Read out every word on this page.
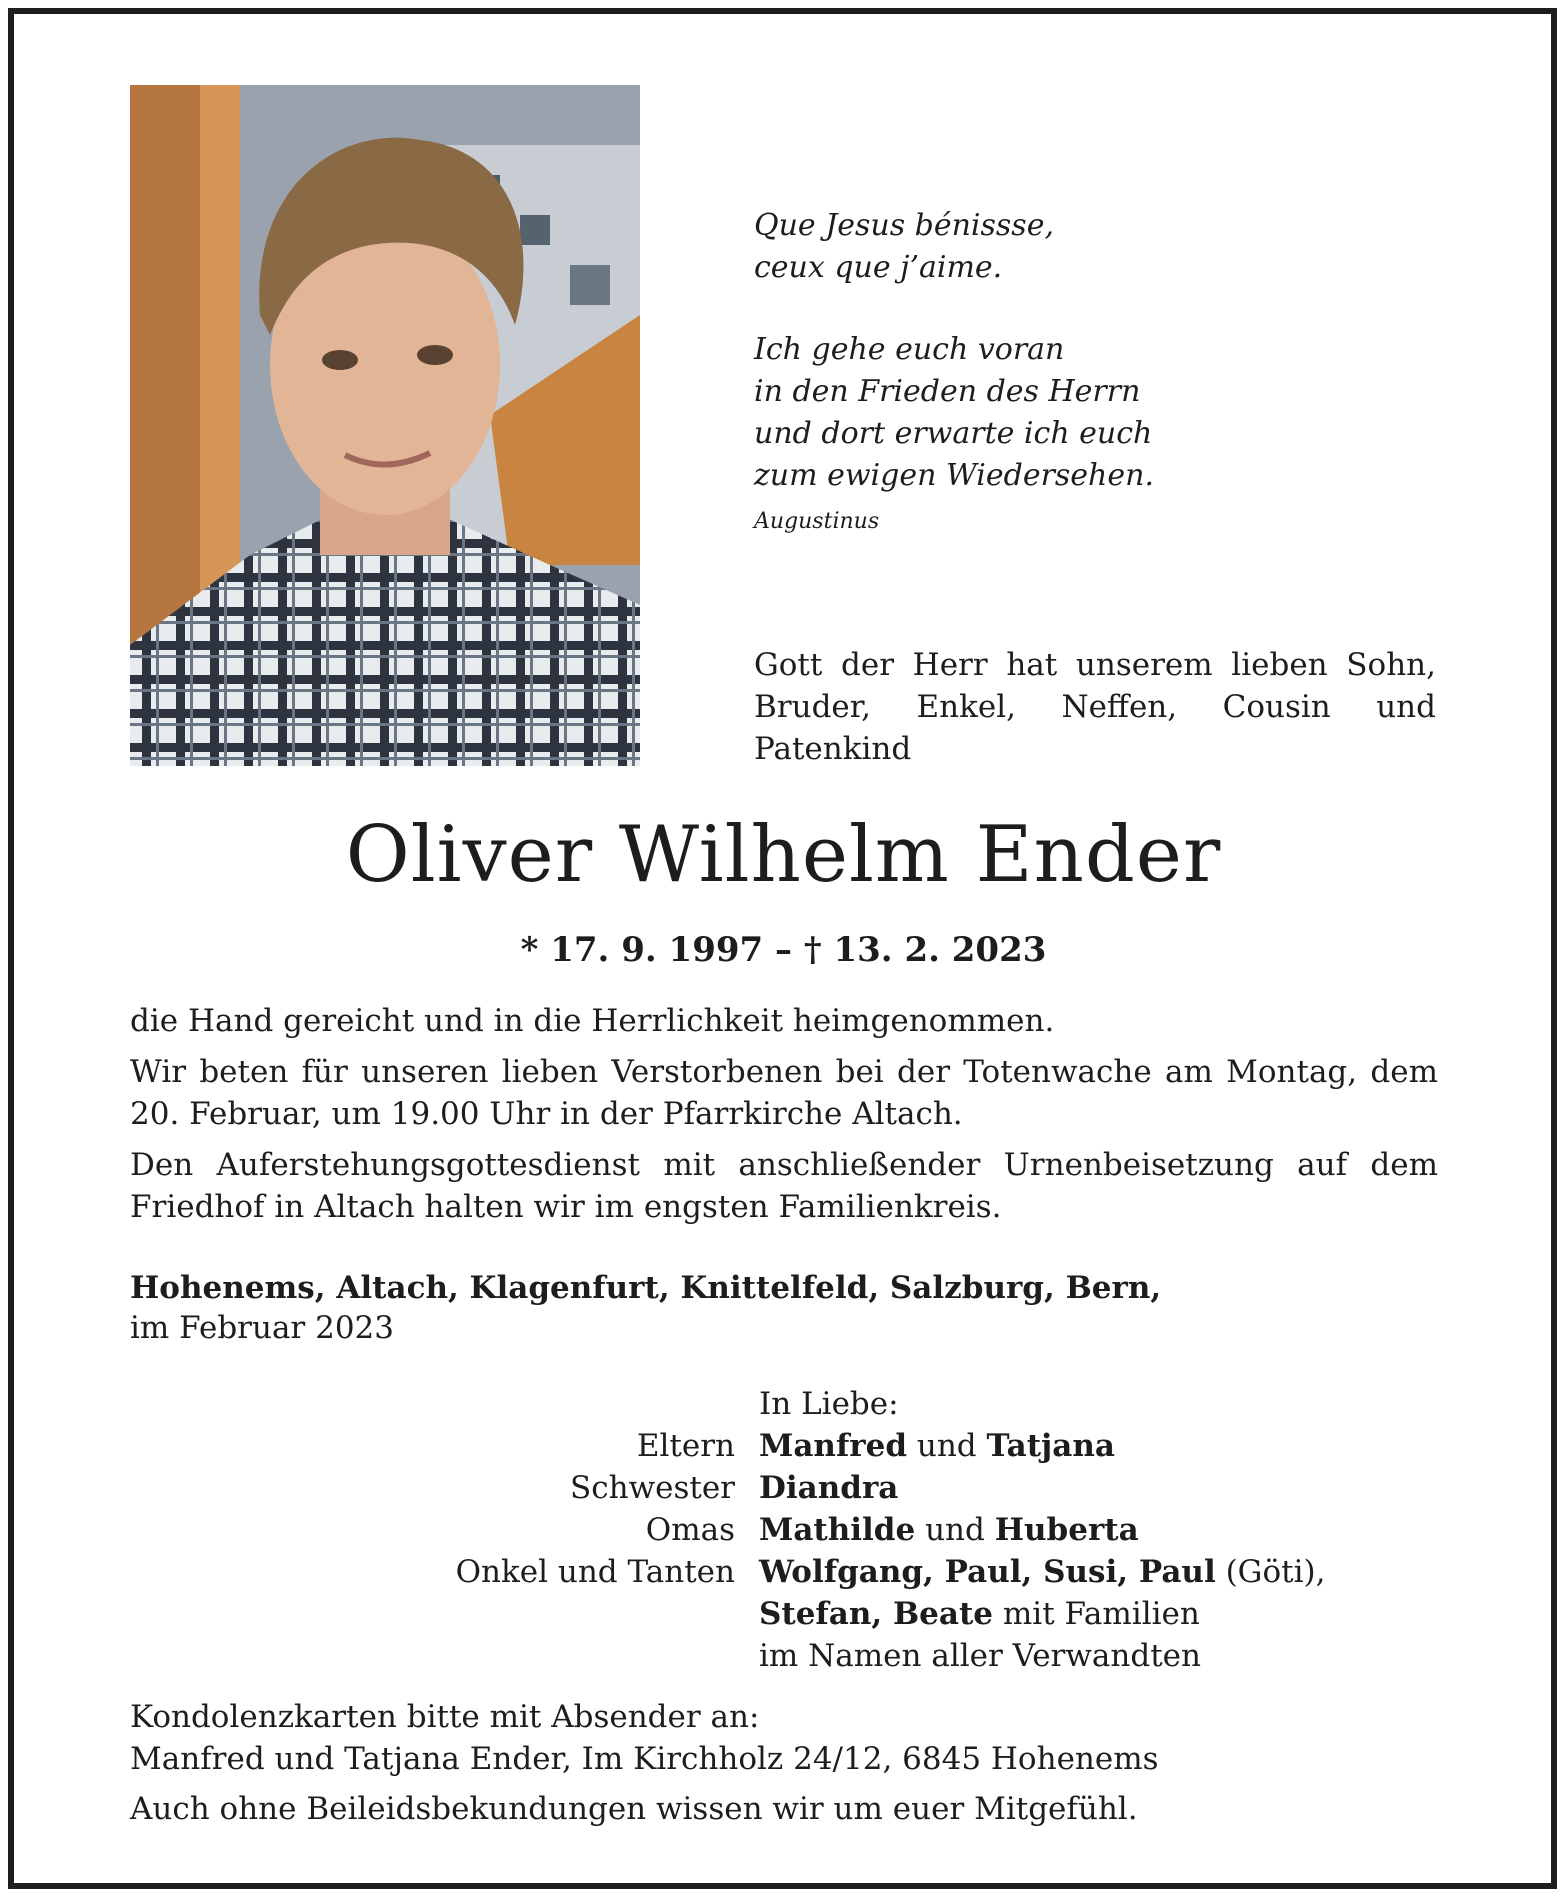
Que Jesus bénissse,
ceux que j’aime.
Ich gehe euch voran
in den Frieden des Herrn
und dort erwarte ich euch
zum ewigen Wiedersehen.
Augustinus
Gott der Herr hat unserem lieben Sohn, Bruder, Enkel, Neffen, Cousin und Patenkind
Oliver Wilhelm Ender
* 17. 9. 1997 – † 13. 2. 2023
die Hand gereicht und in die Herrlichkeit heimgenommen.
Wir beten für unseren lieben Verstorbenen bei der Totenwache am Montag, dem 20. Februar, um 19.00 Uhr in der Pfarrkirche Altach.
Den Auferstehungsgottesdienst mit anschließender Urnenbeisetzung auf dem Friedhof in Altach halten wir im engsten Familienkreis.
Hohenems, Altach, Klagenfurt, Knittelfeld, Salzburg, Bern,
im Februar 2023
In Liebe:
Eltern Manfred und Tatjana
Schwester Diandra
Omas Mathilde und Huberta
Onkel und Tanten Wolfgang, Paul, Susi, Paul (Göti),
Stefan, Beate mit Familien
im Namen aller Verwandten
Kondolenzkarten bitte mit Absender an:
Manfred und Tatjana Ender, Im Kirchholz 24/12, 6845 Hohenems
Auch ohne Beileidsbekundungen wissen wir um euer Mitgefühl.
